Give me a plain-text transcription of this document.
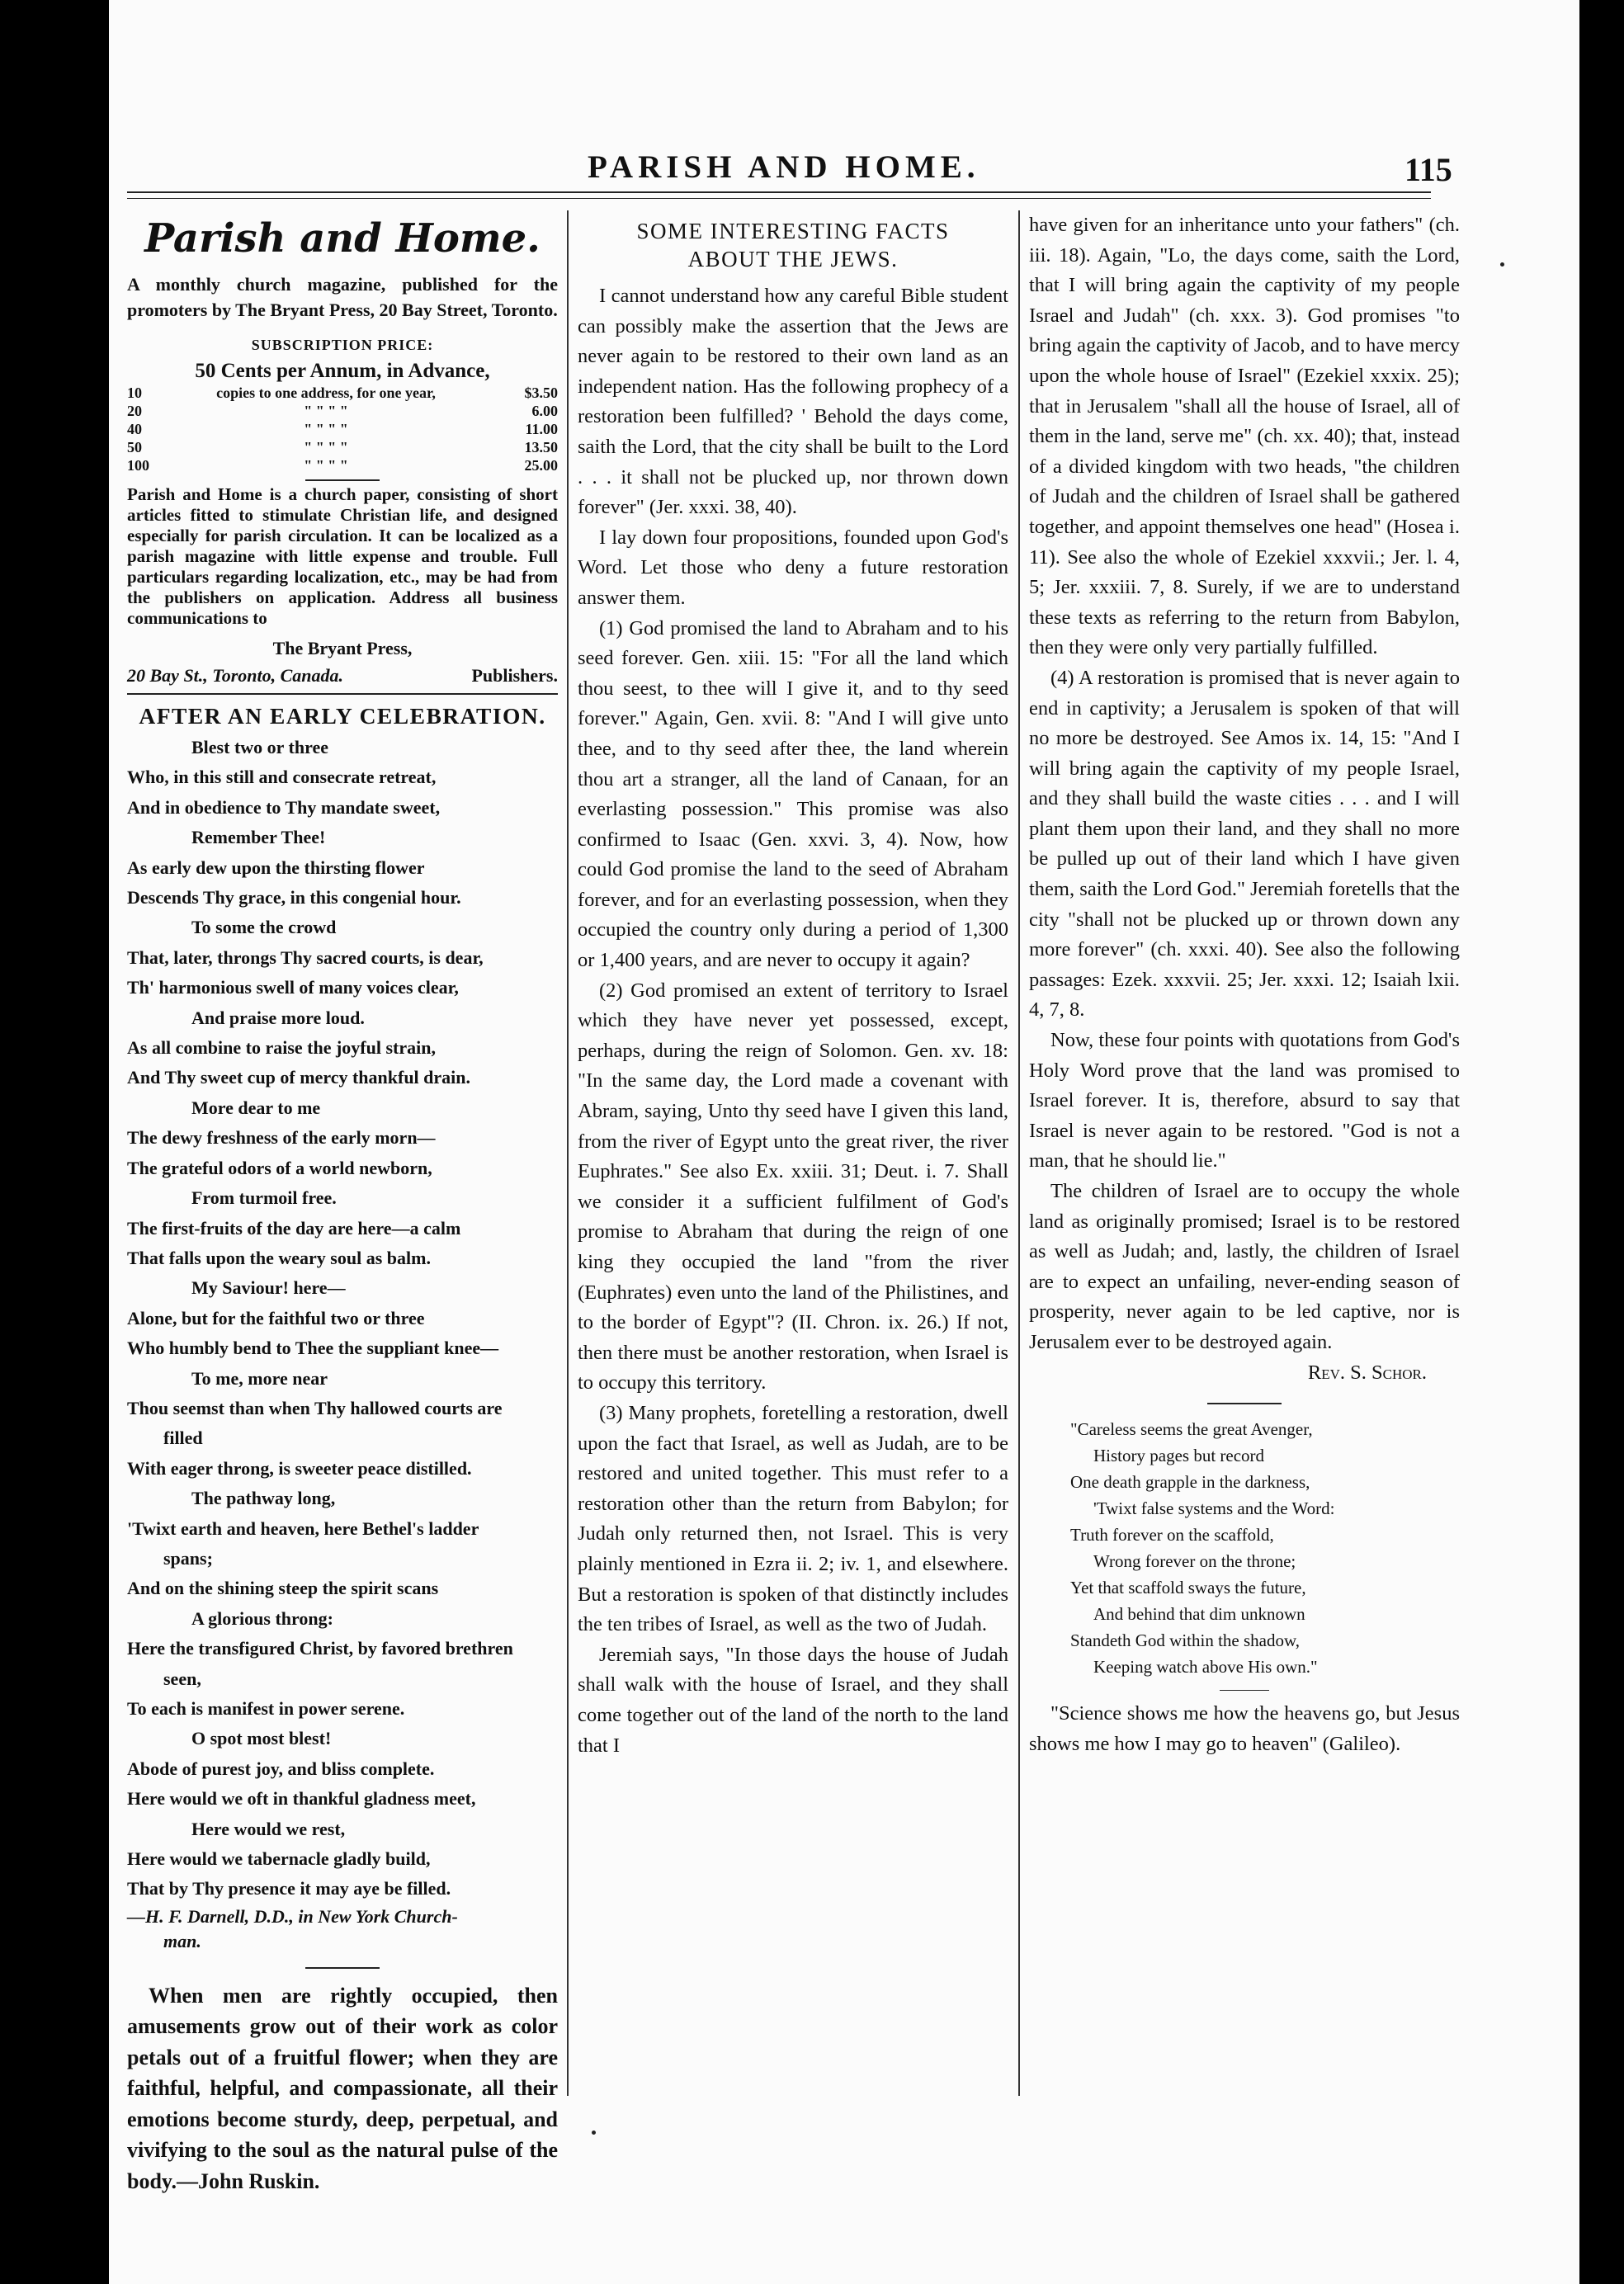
PARISH AND HOME.	115
Parish and Home.

A monthly church magazine, published for the promoters by The Bryant Press, 20 Bay Street, Toronto.

SUBSCRIPTION PRICE:
50 Cents per Annum, in Advance,
10	copies to one address, for one year,	$3.50
20	" " " "	6.00
40	" " " "	11.00
50	" " " "	13.50
100	" " " "	25.00

Parish and Home is a church paper, consisting of short articles fitted to stimulate Christian life, and designed especially for parish circulation. It can be localized as a parish magazine with little expense and trouble. Full particulars regarding localization, etc., may be had from the publishers on application. Address all business communications to

The Bryant Press,
20 Bay St., Toronto, Canada.	Publishers.
AFTER AN EARLY CELEBRATION.
Blest two or three
Who, in this still and consecrate retreat,
And in obedience to Thy mandate sweet,
Remember Thee!
As early dew upon the thirsting flower
Descends Thy grace, in this congenial hour.
To some the crowd
That, later, throngs Thy sacred courts, is dear,
Th' harmonious swell of many voices clear,
And praise more loud.
As all combine to raise the joyful strain,
And Thy sweet cup of mercy thankful drain.
More dear to me
The dewy freshness of the early morn—
The grateful odors of a world newborn,
From turmoil free.
The first-fruits of the day are here—a calm
That falls upon the weary soul as balm.
My Saviour! here—
Alone, but for the faithful two or three
Who humbly bend to Thee the suppliant knee—
To me, more near
Thou seemst than when Thy hallowed courts are
filled
With eager throng, is sweeter peace distilled.
The pathway long,
'Twixt earth and heaven, here Bethel's ladder
spans;
And on the shining steep the spirit scans
A glorious throng:
Here the transfigured Christ, by favored brethren
seen,
To each is manifest in power serene.
O spot most blest!
Abode of purest joy, and bliss complete.
Here would we oft in thankful gladness meet,
Here would we rest,
Here would we tabernacle gladly build,
That by Thy presence it may aye be filled.
—H. F. Darnell, D.D., in New York Church-
man.

When men are rightly occupied, then amusements grow out of their work as color petals out of a fruitful flower; when they are faithful, helpful, and compassionate, all their emotions become sturdy, deep, perpetual, and vivifying to the soul as the natural pulse of the body.—John Ruskin.

SOME INTERESTING FACTS
ABOUT THE JEWS.

I cannot understand how any careful Bible student can possibly make the assertion that the Jews are never again to be restored to their own land as an independent nation. Has the following prophecy of a restoration been fulfilled? ' Behold the days come, saith the Lord, that the city shall be built to the Lord . . . it shall not be plucked up, nor thrown down forever" (Jer. xxxi. 38, 40).

I lay down four propositions, founded upon God's Word. Let those who deny a future restoration answer them.

(1) God promised the land to Abraham and to his seed forever. Gen. xiii. 15: "For all the land which thou seest, to thee will I give it, and to thy seed forever." Again, Gen. xvii. 8: "And I will give unto thee, and to thy seed after thee, the land wherein thou art a stranger, all the land of Canaan, for an everlasting possession." This promise was also confirmed to Isaac (Gen. xxvi. 3, 4). Now, how could God promise the land to the seed of Abraham forever, and for an everlasting possession, when they occupied the country only during a period of 1,300 or 1,400 years, and are never to occupy it again?

(2) God promised an extent of territory to Israel which they have never yet possessed, except, perhaps, during the reign of Solomon. Gen. xv. 18: "In the same day, the Lord made a covenant with Abram, saying, Unto thy seed have I given this land, from the river of Egypt unto the great river, the river Euphrates." See also Ex. xxiii. 31; Deut. i. 7. Shall we consider it a sufficient fulfilment of God's promise to Abraham that during the reign of one king they occupied the land "from the river (Euphrates) even unto the land of the Philistines, and to the border of Egypt"? (II. Chron. ix. 26.) If not, then there must be another restoration, when Israel is to occupy this territory.

(3) Many prophets, foretelling a restoration, dwell upon the fact that Israel, as well as Judah, are to be restored and united together. This must refer to a restoration other than the return from Babylon; for Judah only returned then, not Israel. This is very plainly mentioned in Ezra ii. 2; iv. 1, and elsewhere. But a restoration is spoken of that distinctly includes the ten tribes of Israel, as well as the two of Judah.

Jeremiah says, "In those days the house of Judah shall walk with the house of Israel, and they shall come together out of the land of the north to the land that I

have given for an inheritance unto your fathers" (ch. iii. 18). Again, "Lo, the days come, saith the Lord, that I will bring again the captivity of my people Israel and Judah" (ch. xxx. 3). God promises "to bring again the captivity of Jacob, and to have mercy upon the whole house of Israel" (Ezekiel xxxix. 25); that in Jerusalem "shall all the house of Israel, all of them in the land, serve me" (ch. xx. 40); that, instead of a divided kingdom with two heads, "the children of Judah and the children of Israel shall be gathered together, and appoint themselves one head" (Hosea i. 11). See also the whole of Ezekiel xxxvii.; Jer. l. 4, 5; Jer. xxxiii. 7, 8. Surely, if we are to understand these texts as referring to the return from Babylon, then they were only very partially fulfilled.

(4) A restoration is promised that is never again to end in captivity; a Jerusalem is spoken of that will no more be destroyed. See Amos ix. 14, 15: "And I will bring again the captivity of my people Israel, and they shall build the waste cities . . . and I will plant them upon their land, and they shall no more be pulled up out of their land which I have given them, saith the Lord God." Jeremiah foretells that the city "shall not be plucked up or thrown down any more forever" (ch. xxxi. 40). See also the following passages: Ezek. xxxvii. 25; Jer. xxxi. 12; Isaiah lxii. 4, 7, 8.

Now, these four points with quotations from God's Holy Word prove that the land was promised to Israel forever. It is, therefore, absurd to say that Israel is never again to be restored. "God is not a man, that he should lie."

The children of Israel are to occupy the whole land as originally promised; Israel is to be restored as well as Judah; and, lastly, the children of Israel are to expect an unfailing, never-ending season of prosperity, never again to be led captive, nor is Jerusalem ever to be destroyed again.

Rev. S. Schor.

"Careless seems the great Avenger,
History pages but record
One death grapple in the darkness,
'Twixt false systems and the Word:
Truth forever on the scaffold,
Wrong forever on the throne;
Yet that scaffold sways the future,
And behind that dim unknown
Standeth God within the shadow,
Keeping watch above His own."

"Science shows me how the heavens go, but Jesus shows me how I may go to heaven" (Galileo).
